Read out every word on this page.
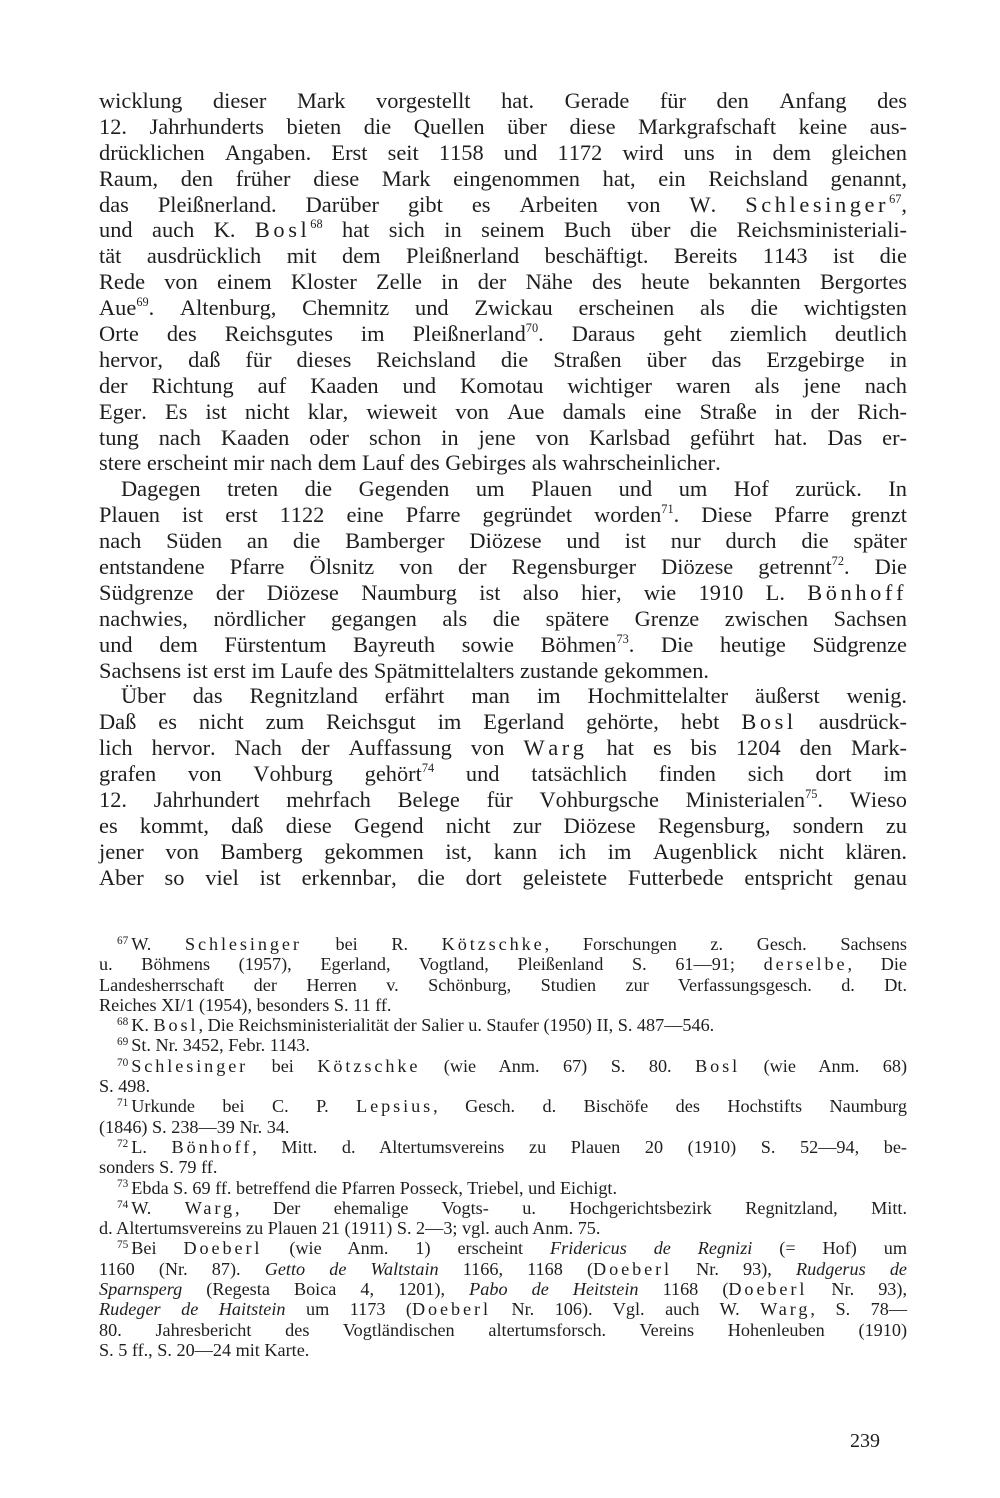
wicklung dieser Mark vorgestellt hat. Gerade für den Anfang des
12. Jahrhunderts bieten die Quellen über diese Markgrafschaft keine aus-
drücklichen Angaben. Erst seit 1158 und 1172 wird uns in dem gleichen
Raum, den früher diese Mark eingenommen hat, ein Reichsland genannt,
das Pleißnerland. Darüber gibt es Arbeiten von W. Schlesinger$^{67}$,
und auch K. Bosl$^{68}$ hat sich in seinem Buch über die Reichsministeriali-
tät ausdrücklich mit dem Pleißnerland beschäftigt. Bereits 1143 ist die
Rede von einem Kloster Zelle in der Nähe des heute bekannten Bergortes
Aue$^{69}$. Altenburg, Chemnitz und Zwickau erscheinen als die wichtigsten
Orte des Reichsgutes im Pleißnerland$^{70}$. Daraus geht ziemlich deutlich
hervor, daß für dieses Reichsland die Straßen über das Erzgebirge in
der Richtung auf Kaaden und Komotau wichtiger waren als jene nach
Eger. Es ist nicht klar, wieweit von Aue damals eine Straße in der Rich-
tung nach Kaaden oder schon in jene von Karlsbad geführt hat. Das er-
stere erscheint mir nach dem Lauf des Gebirges als wahrscheinlicher.
Dagegen treten die Gegenden um Plauen und um Hof zurück. In
Plauen ist erst 1122 eine Pfarre gegründet worden$^{71}$. Diese Pfarre grenzt
nach Süden an die Bamberger Diözese und ist nur durch die später
entstandene Pfarre Ölsnitz von der Regensburger Diözese getrennt$^{72}$. Die
Südgrenze der Diözese Naumburg ist also hier, wie 1910 L. Bönhoff
nachwies, nördlicher gegangen als die spätere Grenze zwischen Sachsen
und dem Fürstentum Bayreuth sowie Böhmen$^{73}$. Die heutige Südgrenze
Sachsens ist erst im Laufe des Spätmittelalters zustande gekommen.
Über das Regnitzland erfährt man im Hochmittelalter äußerst wenig.
Daß es nicht zum Reichsgut im Egerland gehörte, hebt Bosl ausdrück-
lich hervor. Nach der Auffassung von Warg hat es bis 1204 den Mark-
grafen von Vohburg gehört$^{74}$ und tatsächlich finden sich dort im
12. Jahrhundert mehrfach Belege für Vohburgsche Ministerialen$^{75}$. Wieso
es kommt, daß diese Gegend nicht zur Diözese Regensburg, sondern zu
jener von Bamberg gekommen ist, kann ich im Augenblick nicht klären.
Aber so viel ist erkennbar, die dort geleistete Futterbede entspricht genau
$^{67}$ W. Schlesinger bei R. Kötzschke, Forschungen z. Gesch. Sachsens
u. Böhmens (1957), Egerland, Vogtland, Pleißenland S. 61—91; derselbe, Die
Landesherrschaft der Herren v. Schönburg, Studien zur Verfassungsgesch. d. Dt.
Reiches XI/1 (1954), besonders S. 11 ff.
$^{68}$ K. Bosl, Die Reichsministerialität der Salier u. Staufer (1950) II, S. 487—546.
$^{69}$ St. Nr. 3452, Febr. 1143.
$^{70}$ Schlesinger bei Kötzschke (wie Anm. 67) S. 80. Bosl (wie Anm. 68)
S. 498.
$^{71}$ Urkunde bei C. P. Lepsius, Gesch. d. Bischöfe des Hochstifts Naumburg
(1846) S. 238—39 Nr. 34.
$^{72}$ L. Bönhoff, Mitt. d. Altertumsvereins zu Plauen 20 (1910) S. 52—94, be-
sonders S. 79 ff.
$^{73}$ Ebda S. 69 ff. betreffend die Pfarren Posseck, Triebel, und Eichigt.
$^{74}$ W. Warg, Der ehemalige Vogts- u. Hochgerichtsbezirk Regnitzland, Mitt.
d. Altertumsvereins zu Plauen 21 (1911) S. 2—3; vgl. auch Anm. 75.
$^{75}$ Bei Doeberl (wie Anm. 1) erscheint Fridericus de Regnizi (= Hof) um
1160 (Nr. 87). Getto de Waltstain 1166, 1168 (Doeberl Nr. 93), Rudgerus de
Sparnsperg (Regesta Boica 4, 1201), Pabo de Heitstein 1168 (Doeberl Nr. 93),
Rudeger de Haitstein um 1173 (Doeberl Nr. 106). Vgl. auch W. Warg, S. 78—
80. Jahresbericht des Vogtländischen altertumsforsch. Vereins Hohenleuben (1910)
S. 5 ff., S. 20—24 mit Karte.
239
